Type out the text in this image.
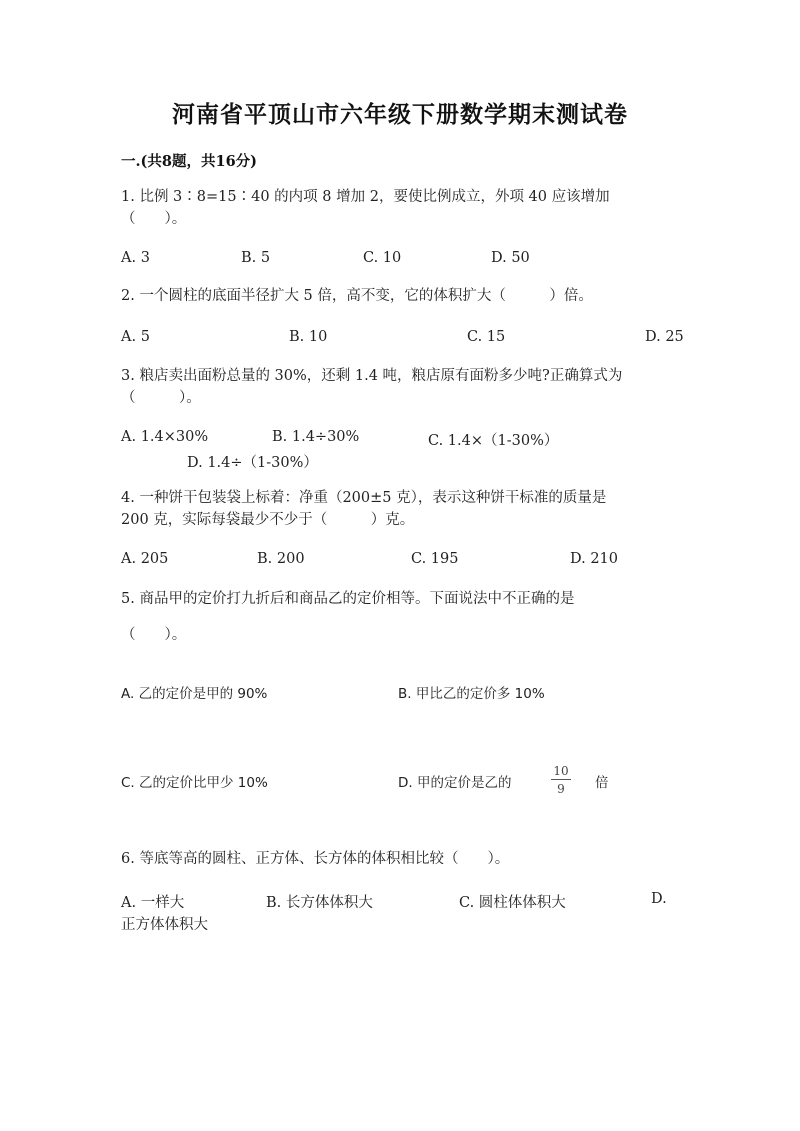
河南省平顶山市六年级下册数学期末测试卷
一.(共8题，共16分)
1. 比例 3∶8=15∶40 的内项 8 增加 2，要使比例成立，外项 40 应该增加
（　　）。
A. 3	B. 5	C. 10	D. 50
2. 一个圆柱的底面半径扩大 5 倍，高不变，它的体积扩大（　　　）倍。
A. 5	B. 10	C. 15	D. 25
3. 粮店卖出面粉总量的 30%，还剩 1.4 吨，粮店原有面粉多少吨?正确算式为
（　　　）。
A. 1.4×30%	B. 1.4÷30%	C. 1.4×（1-30%）
D. 1.4÷（1-30%）
4. 一种饼干包装袋上标着：净重（200±5 克），表示这种饼干标准的质量是
200 克，实际每袋最少不少于（　　　）克。
A. 205	B. 200	C. 195	D. 210
5. 商品甲的定价打九折后和商品乙的定价相等。下面说法中不正确的是
（　　）。
A. 乙的定价是甲的 90%	B. 甲比乙的定价多 10%
C. 乙的定价比甲少 10%	D. 甲的定价是乙的
10
9	倍
6. 等底等高的圆柱、正方体、长方体的体积相比较（　　）。
A. 一样大	B. 长方体体积大	C. 圆柱体体积大	D.
正方体体积大
